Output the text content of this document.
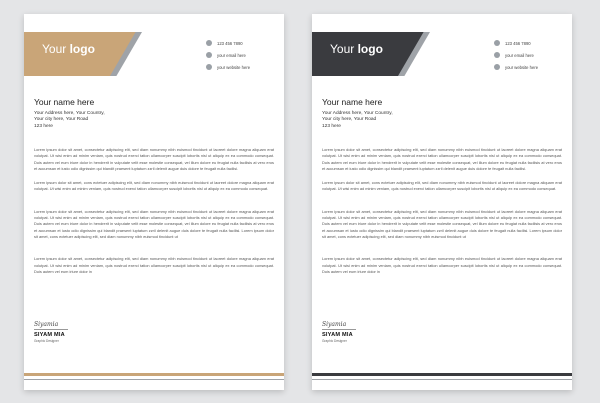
Your logo	123 456 7890
your email here
your website here
Your name here
Your Address here, Your Country,
Your city here, Your Road
123 here

Lorem ipsum dolor sit amet, consectetur adipiscing elit, sed diam nonummy nibh euismod tincidunt ut laoreet dolore magna aliquam erat volutpat. Ut wisi enim ad minim veniam, quis nostrud exerci tation ullamcorper suscipit lobortis nisl ut aliquip ex ea commodo consequat. Duis autem vel eum iriure dolor in hendrerit in vulputate velit esse molestie consequat, vel illum dolore eu feugiat nulla facilisis at vero eros et accumsan et iusto odio dignissim qui blandit praesent luptatum zzril delenit augue duis dolore te feugait nulla facilisi.

Lorem ipsum dolor sit amet, cons ectetuer adipiscing elit, sed diam nonummy nibh euismod tincidunt ut laoreet dolore magna aliquam erat volutpat. Ut wisi enim ad minim veniam, quis nostrud exerci tation ullamcorper suscipit lobortis nisl ut aliquip ex ea commodo consequat.

Lorem ipsum dolor sit amet, consectetur adipiscing elit, sed diam nonummy nibh euismod tincidunt ut laoreet dolore magna aliquam erat volutpat. Ut wisi enim ad minim veniam, quis nostrud exerci tation ullamcorper suscipit lobortis nisl ut aliquip ex ea commodo consequat. Duis autem vel eum iriure dolor in hendrerit in vulputate velit esse molestie consequat, vel illum dolore eu feugiat nulla facilisis at vero eros et accumsan et iusto odio dignissim qui blandit praesent luptatum zzril delenit augue duis dolore te feugait nulla facilisi. Lorem ipsum dolor sit amet, cons ectetuer adipiscing elit, sed diam nonummy nibh euismod tincidunt ut

Lorem ipsum dolor sit amet, consectetur adipiscing elit, sed diam nonummy nibh euismod tincidunt ut laoreet dolore magna aliquam erat volutpat. Ut wisi enim ad minim veniam, quis nostrud exerci tation ullamcorper suscipit lobortis nisl ut aliquip ex ea commodo consequat. Duis autem vel eum iriure dolor in

Siyamia
SIYAM MIA
Graphic Designer
Your logo	123 456 7890
your email here
your website here
Your name here
Your Address here, Your Country,
Your city here, Your Road
123 here

Lorem ipsum dolor sit amet, consectetur adipiscing elit, sed diam nonummy nibh euismod tincidunt ut laoreet dolore magna aliquam erat volutpat. Ut wisi enim ad minim veniam, quis nostrud exerci tation ullamcorper suscipit lobortis nisl ut aliquip ex ea commodo consequat. Duis autem vel eum iriure dolor in hendrerit in vulputate velit esse molestie consequat, vel illum dolore eu feugiat nulla facilisis at vero eros et accumsan et iusto odio dignissim qui blandit praesent luptatum zzril delenit augue duis dolore te feugait nulla facilisi.

Lorem ipsum dolor sit amet, cons ectetuer adipiscing elit, sed diam nonummy nibh euismod tincidunt ut laoreet dolore magna aliquam erat volutpat. Ut wisi enim ad minim veniam, quis nostrud exerci tation ullamcorper suscipit lobortis nisl ut aliquip ex ea commodo consequat.

Lorem ipsum dolor sit amet, consectetur adipiscing elit, sed diam nonummy nibh euismod tincidunt ut laoreet dolore magna aliquam erat volutpat. Ut wisi enim ad minim veniam, quis nostrud exerci tation ullamcorper suscipit lobortis nisl ut aliquip ex ea commodo consequat. Duis autem vel eum iriure dolor in hendrerit in vulputate velit esse molestie consequat, vel illum dolore eu feugiat nulla facilisis at vero eros et accumsan et iusto odio dignissim qui blandit praesent luptatum zzril delenit augue duis dolore te feugait nulla facilisi. Lorem ipsum dolor sit amet, cons ectetuer adipiscing elit, sed diam nonummy nibh euismod tincidunt ut

Lorem ipsum dolor sit amet, consectetur adipiscing elit, sed diam nonummy nibh euismod tincidunt ut laoreet dolore magna aliquam erat volutpat. Ut wisi enim ad minim veniam, quis nostrud exerci tation ullamcorper suscipit lobortis nisl ut aliquip ex ea commodo consequat. Duis autem vel eum iriure dolor in

Siyamia
SIYAM MIA
Graphic Designer
